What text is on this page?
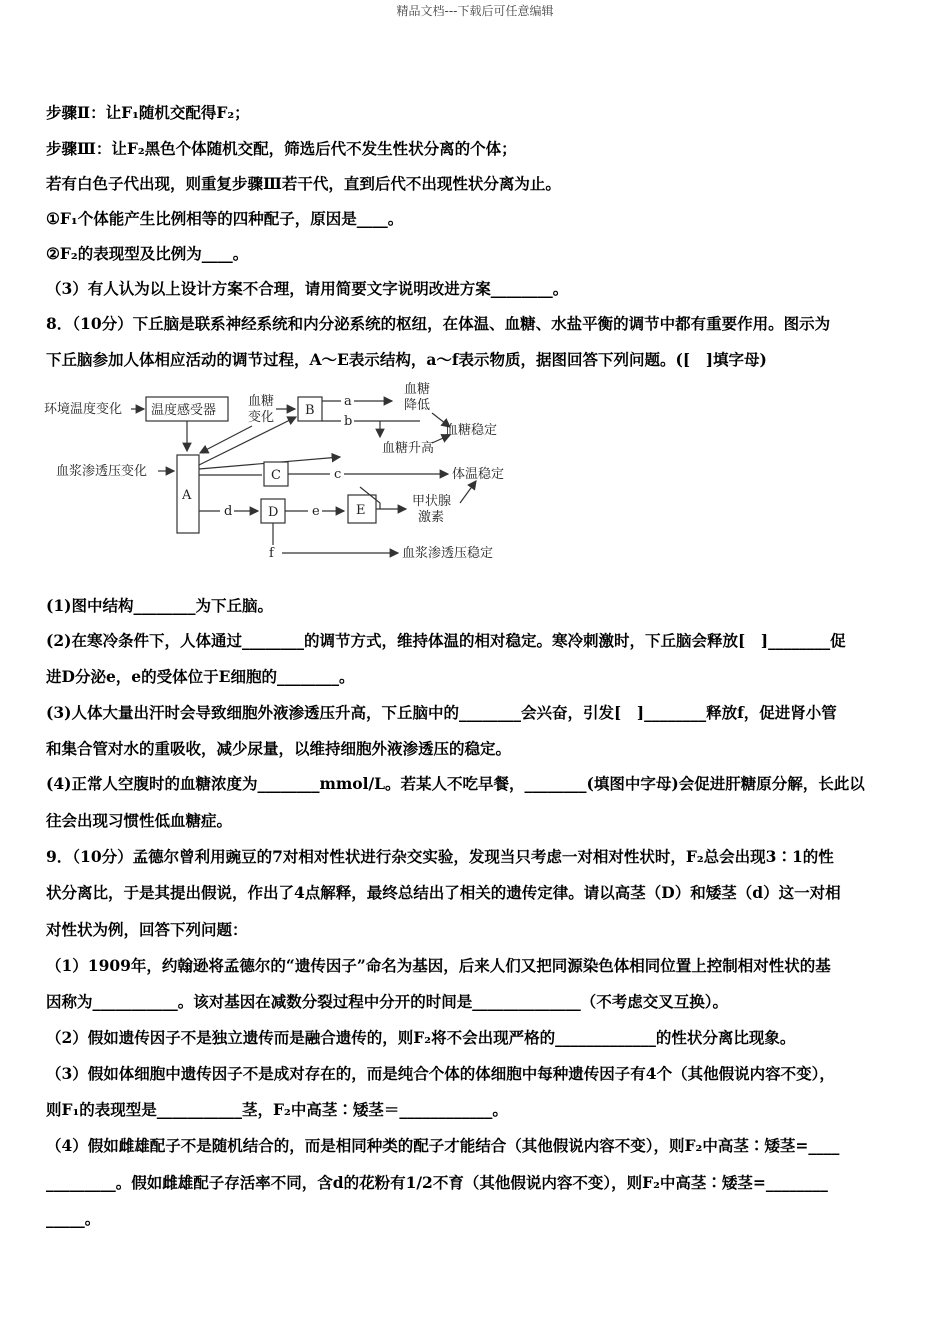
精品文档---下载后可任意编辑
步骤Ⅱ：让F₁随机交配得F₂；
步骤Ⅲ：让F₂黑色个体随机交配，筛选后代不发生性状分离的个体；
若有白色子代出现，则重复步骤Ⅲ若干代，直到后代不出现性状分离为止。
①F₁个体能产生比例相等的四种配子，原因是____。
②F₂的表现型及比例为____。
（3）有人认为以上设计方案不合理，请用简要文字说明改进方案________。
8．（10分）下丘脑是联系神经系统和内分泌系统的枢纽，在体温、血糖、水盐平衡的调节中都有重要作用。图示为
下丘脑参加人体相应活动的调节过程，A～E表示结构，a～f表示物质，据图回答下列问题。([　]填字母)
环境温度变化 温度感受器
血糖
变化
血浆渗透压变化
A
B
a
b
血糖
降低
血糖稳定
血糖升高
C	c	体温稳定
d	D	e	E
甲状腺
激素
f	血浆渗透压稳定
(1)图中结构________为下丘脑。
(2)在寒冷条件下，人体通过________的调节方式，维持体温的相对稳定。寒冷刺激时，下丘脑会释放[　]________促
进D分泌e，e的受体位于E细胞的________。
(3)人体大量出汗时会导致细胞外液渗透压升高，下丘脑中的________会兴奋，引发[　]________释放f，促进肾小管
和集合管对水的重吸收，减少尿量，以维持细胞外液渗透压的稳定。
(4)正常人空腹时的血糖浓度为________mmol/L。若某人不吃早餐，________(填图中字母)会促进肝糖原分解，长此以
往会出现习惯性低血糖症。
9．（10分）孟德尔曾利用豌豆的7对相对性状进行杂交实验，发现当只考虑一对相对性状时，F₂总会出现3∶1的性
状分离比，于是其提出假说，作出了4点解释，最终总结出了相关的遗传定律。请以高茎（D）和矮茎（d）这一对相
对性状为例，回答下列问题：
（1）1909年，约翰逊将孟德尔的“遗传因子”命名为基因，后来人们又把同源染色体相同位置上控制相对性状的基
因称为___________。该对基因在减数分裂过程中分开的时间是______________（不考虑交叉互换）。
（2）假如遗传因子不是独立遗传而是融合遗传的，则F₂将不会出现严格的_____________的性状分离比现象。
（3）假如体细胞中遗传因子不是成对存在的，而是纯合个体的体细胞中每种遗传因子有4个（其他假说内容不变），
则F₁的表现型是___________茎，F₂中高茎∶矮茎＝____________。
（4）假如雌雄配子不是随机结合的，而是相同种类的配子才能结合（其他假说内容不变），则F₂中高茎∶矮茎=____
_________。假如雌雄配子存活率不同，含d的花粉有1/2不育（其他假说内容不变），则F₂中高茎∶矮茎=________
_____。
